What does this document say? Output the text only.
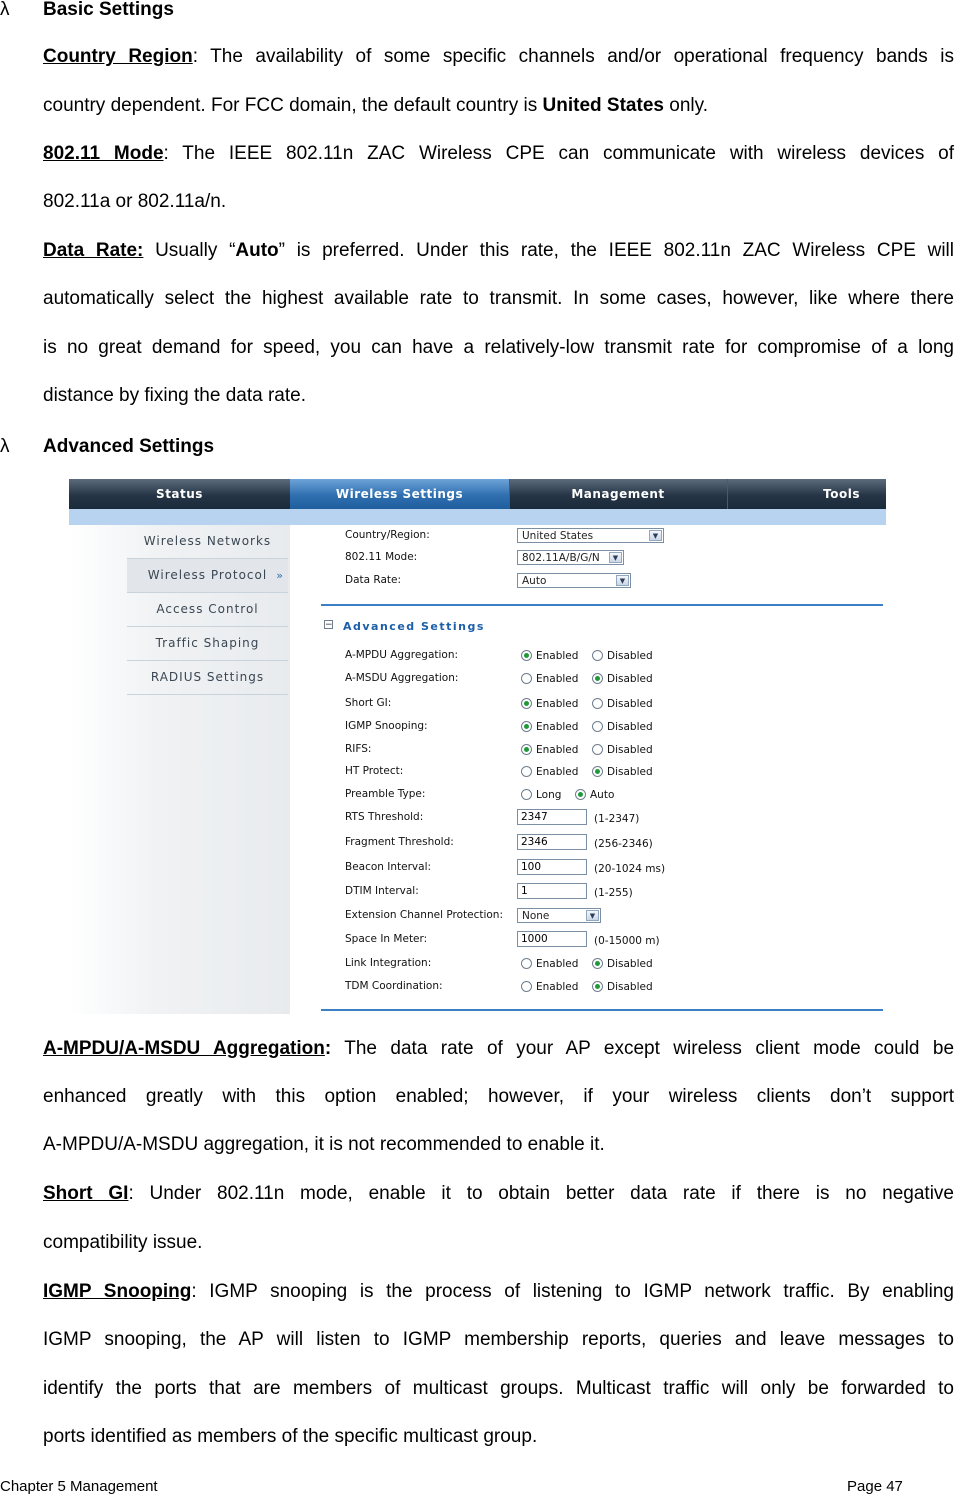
λ Basic Settings
Country Region: The availability of some specific channels and/or operational frequency bands is
country dependent. For FCC domain, the default country is United States only.
802.11 Mode: The IEEE 802.11n ZAC Wireless CPE can communicate with wireless devices of
802.11a or 802.11a/n.
Data Rate: Usually “Auto” is preferred. Under this rate, the IEEE 802.11n ZAC Wireless CPE will
automatically select the highest available rate to transmit. In some cases, however, like where there
is no great demand for speed, you can have a relatively-low transmit rate for compromise of a long
distance by fixing the data rate.
λ Advanced Settings
Status	Wireless Settings	Management	Tools
Wireless Networks
Wireless Protocol »
Access Control
Traffic Shaping
RADIUS Settings
Country/Region:	United States	▼
802.11 Mode:	802.11A/B/G/N	▼
Data Rate:	Auto	▼
− Advanced Settings
A-MPDU Aggregation:	Enabled	Disabled
A-MSDU Aggregation:	Enabled	Disabled
Short GI:	Enabled	Disabled
IGMP Snooping:	Enabled	Disabled
RIFS:	Enabled	Disabled
HT Protect:	Enabled	Disabled
Preamble Type:	Long	Auto
RTS Threshold:	2347	(1-2347)
Fragment Threshold:	2346	(256-2346)
Beacon Interval:	100	(20-1024 ms)
DTIM Interval:	1	(1-255)
Extension Channel Protection:	None	▼
Space In Meter:	1000	(0-15000 m)
Link Integration:	Enabled	Disabled
TDM Coordination:	Enabled	Disabled
A-MPDU/A-MSDU Aggregation: The data rate of your AP except wireless client mode could be
enhanced greatly with this option enabled; however, if your wireless clients don’t support
A-MPDU/A-MSDU aggregation, it is not recommended to enable it.
Short GI: Under 802.11n mode, enable it to obtain better data rate if there is no negative
compatibility issue.
IGMP Snooping: IGMP snooping is the process of listening to IGMP network traffic. By enabling
IGMP snooping, the AP will listen to IGMP membership reports, queries and leave messages to
identify the ports that are members of multicast groups. Multicast traffic will only be forwarded to
ports identified as members of the specific multicast group.
Chapter 5 Management	Page 47
